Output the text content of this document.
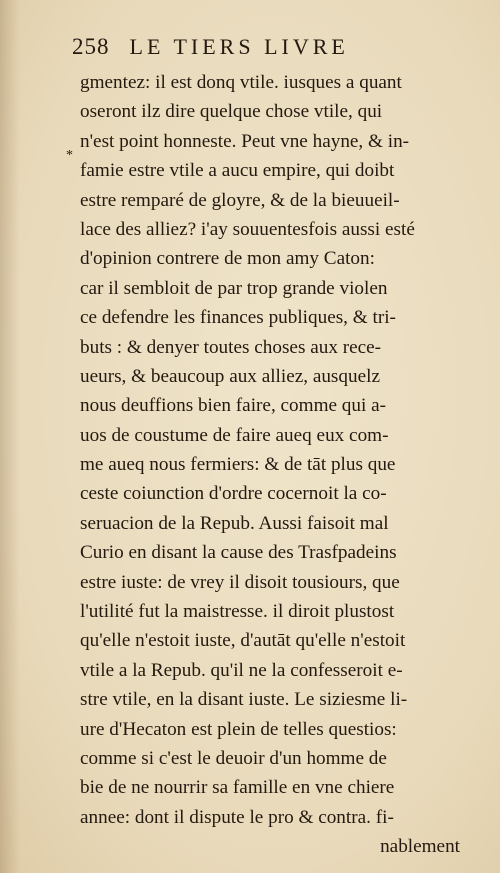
258 LE TIERS LIVRE
*
gmentez: il est donq vtile. iusques a quant
oseront ilz dire quelque chose vtile, qui
n'est point honneste. Peut vne hayne, & in-
famie estre vtile a aucu empire, qui doibt
estre remparé de gloyre, & de la bieuueil-
lace des alliez? i'ay souuentesfois aussi esté
d'opinion contrere de mon amy Caton:
car il sembloit de par trop grande violen
ce defendre les finances publiques, & tri-
buts : & denyer toutes choses aux rece-
ueurs, & beaucoup aux alliez, ausquelz
nous deuffions bien faire, comme qui a-
uos de coustume de faire aueq eux com-
me aueq nous fermiers: & de tāt plus que
ceste coiunction d'ordre cocernoit la co-
seruacion de la Repub. Aussi faisoit mal
Curio en disant la cause des Trasfpadeins
estre iuste: de vrey il disoit tousiours, que
l'utilité fut la maistresse. il diroit plustost
qu'elle n'estoit iuste, d'autāt qu'elle n'estoit
vtile a la Repub. qu'il ne la confesseroit e-
stre vtile, en la disant iuste. Le siziesme li-
ure d'Hecaton est plein de telles questios:
comme si c'est le deuoir d'un homme de
bie de ne nourrir sa famille en vne chiere
annee: dont il dispute le pro & contra. fi-
nablement
